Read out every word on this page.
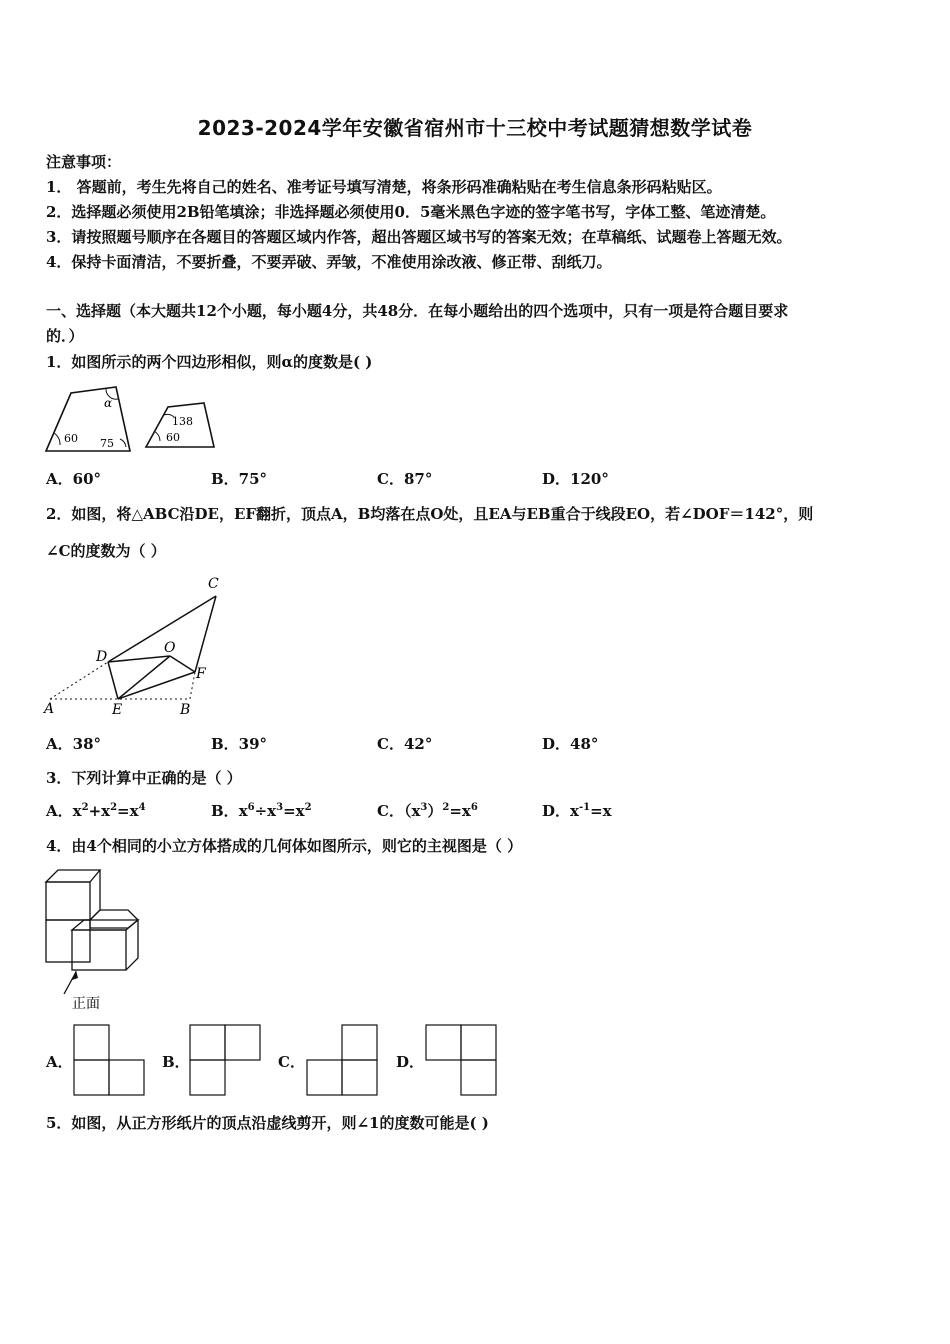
2023-2024学年安徽省宿州市十三校中考试题猜想数学试卷
注意事项：
1． 答题前，考生先将自己的姓名、准考证号填写清楚，将条形码准确粘贴在考生信息条形码粘贴区。
2．选择题必须使用2B铅笔填涂；非选择题必须使用0．5毫米黑色字迹的签字笔书写，字体工整、笔迹清楚。
3．请按照题号顺序在各题目的答题区域内作答，超出答题区域书写的答案无效；在草稿纸、试题卷上答题无效。
4．保持卡面清洁，不要折叠，不要弄破、弄皱，不准使用涂改液、修正带、刮纸刀。
一、选择题（本大题共12个小题，每小题4分，共48分．在每小题给出的四个选项中，只有一项是符合题目要求
的．）
1．如图所示的两个四边形相似，则α的度数是( )
α
60 75
138
60
A．60°	B．75°	C．87°	D．120°
2．如图，将△ABC沿DE，EF翻折，顶点A，B均落在点O处，且EA与EB重合于线段EO，若∠DOF＝142°，则
∠C的度数为（ ）
C
D
O
F
A	E	B
A．38°	B．39°	C．42°	D．48°
3．下列计算中正确的是（ ）
A．$x^2+x^2=x^4$	B．$x^6\div x^3=x^2$	C．$(x^3)^2=x^6$	D．$x^{-1}=x$
4．由4个相同的小立方体搭成的几何体如图所示，则它的主视图是（ ）
正面
A．	B．	C．	D．
5．如图，从正方形纸片的顶点沿虚线剪开，则∠1的度数可能是( )
